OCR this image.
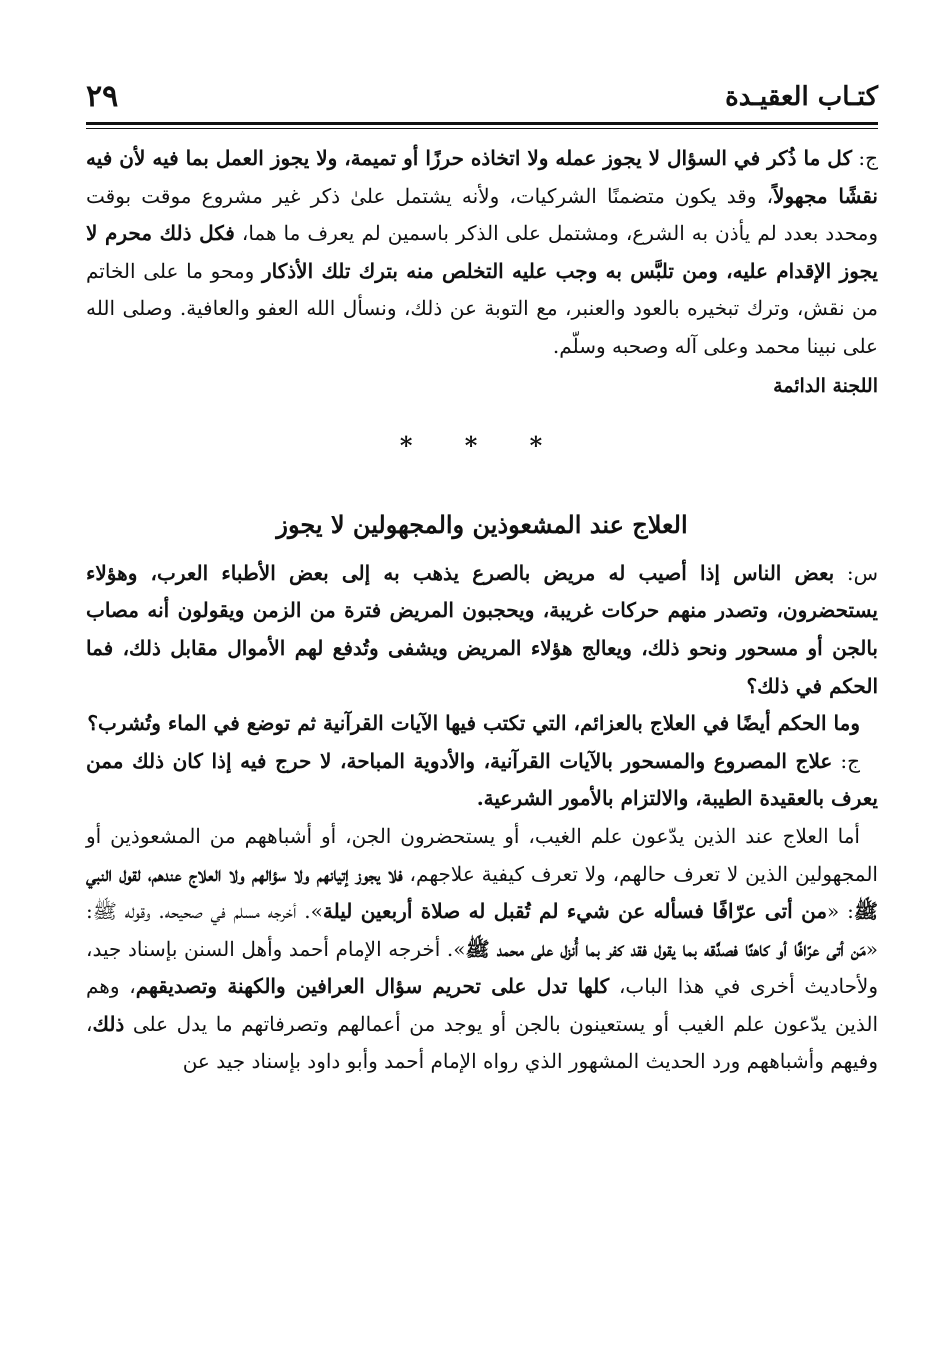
٢٩	كتـاب العقيـدة

ج: كل ما ذُكر في السؤال لا يجوز عمله ولا اتخاذه حرزًا أو تميمة، ولا يجوز العمل بما فيه لأن فيه نقشًا مجهولاً، وقد يكون متضمنًا الشركيات، ولأنه يشتمل علىٰ ذكر غير مشروع موقت بوقت ومحدد بعدد لم يأذن به الشرع، ومشتمل على الذكر باسمين لم يعرف ما هما، فكل ذلك محرم لا يجوز الإقدام عليه، ومن تلبَّس به وجب عليه التخلص منه بترك تلك الأذكار ومحو ما على الخاتم من نقش، وترك تبخيره بالعود والعنبر، مع التوبة عن ذلك، ونسأل الله العفو والعافية. وصلى الله على نبينا محمد وعلى آله وصحبه وسلّم.

اللجنة الدائمة

* * *
العلاج عند المشعوذين والمجهولين لا يجوز

س: بعض الناس إذا أصيب له مريض بالصرع يذهب به إلى بعض الأطباء العرب، وهؤلاء يستحضرون، وتصدر منهم حركات غريبة، ويحجبون المريض فترة من الزمن ويقولون أنه مصاب بالجن أو مسحور ونحو ذلك، ويعالج هؤلاء المريض ويشفى وتُدفع لهم الأموال مقابل ذلك، فما الحكم في ذلك؟

وما الحكم أيضًا في العلاج بالعزائم، التي تكتب فيها الآيات القرآنية ثم توضع في الماء وتُشرب؟

ج: علاج المصروع والمسحور بالآيات القرآنية، والأدوية المباحة، لا حرج فيه إذا كان ذلك ممن يعرف بالعقيدة الطيبة، والالتزام بالأمور الشرعية.

أما العلاج عند الذين يدّعون علم الغيب، أو يستحضرون الجن، أو أشباههم من المشعوذين أو المجهولين الذين لا تعرف حالهم، ولا تعرف كيفية علاجهم، فلا يجوز إتيانهم ولا سؤالهم ولا العلاج عندهم، لقول النبي ﷺ: «من أتى عرّافًا فسأله عن شيء لم تُقبل له صلاة أربعين ليلة». أخرجه مسلم في صحيحه. وقوله ﷺ: «مَن أتى عرّافًا أو كاهنًا فصدَّقه بما يقول فقد كفر بما أُنزل على محمد ﷺ». أخرجه الإمام أحمد وأهل السنن بإسناد جيد، ولأحاديث أخرى في هذا الباب، كلها تدل على تحريم سؤال العرافين والكهنة وتصديقهم، وهم الذين يدّعون علم الغيب أو يستعينون بالجن أو يوجد من أعمالهم وتصرفاتهم ما يدل على ذلك، وفيهم وأشباههم ورد الحديث المشهور الذي رواه الإمام أحمد وأبو داود بإسناد جيد عن
